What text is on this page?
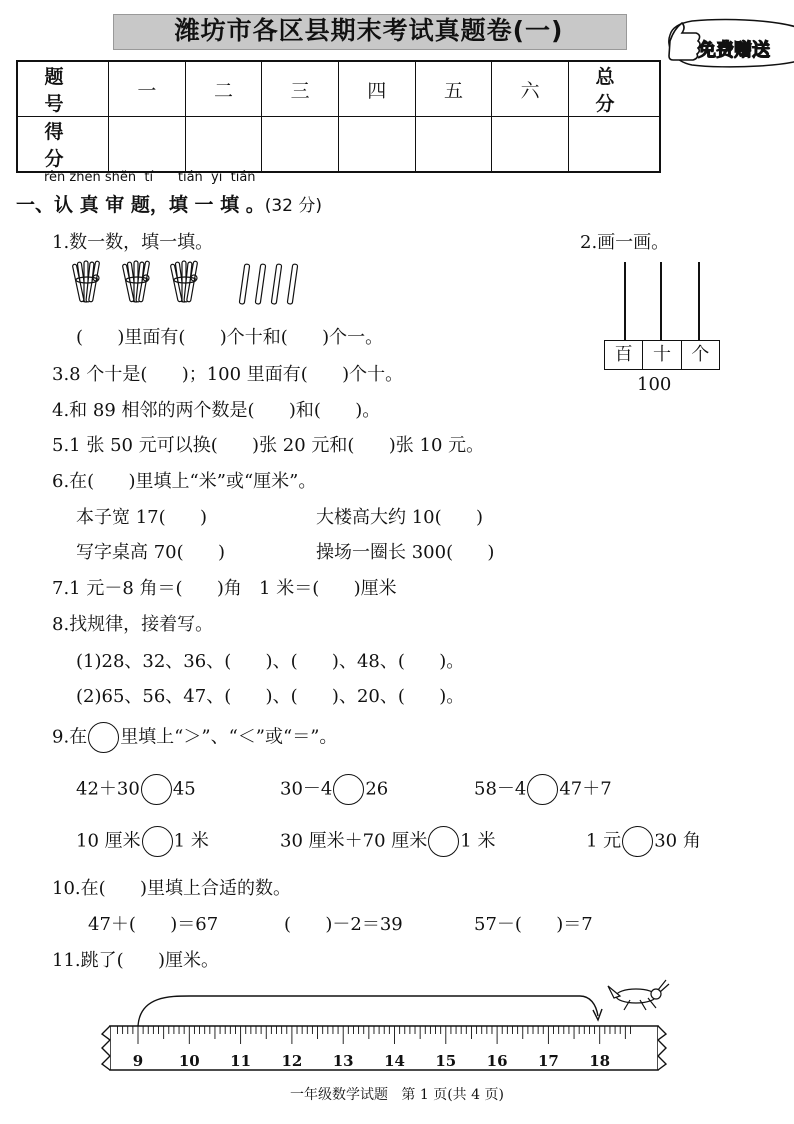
潍坊市各区县期末考试真题卷(一)
免费赠送
题 号	一	二	三	四	五	六	总 分
得 分							
rèn zhēn shěn  tí      tián  yi  tián
一、认 真 审 题，填 一 填 。(32 分)
1.数一数，填一填。
(      )里面有(      )个十和(      )个一。
2.画一画。
百	十	个
100
3.8 个十是(      )；100 里面有(      )个十。
4.和 89 相邻的两个数是(      )和(      )。
5.1 张 50 元可以换(      )张 20 元和(      )张 10 元。
6.在(      )里填上“米”或“厘米”。
本子宽 17(      )	大楼高大约 10(      )
写字桌高 70(      )	操场一圈长 300(      )
7.1 元－8 角＝(      )角   1 米＝(      )厘米
8.找规律，接着写。
(1)28、32、36、(      )、(      )、48、(      )。
(2)65、56、47、(      )、(      )、20、(      )。
9.在 里填上“＞”、“＜”或“＝”。
42＋30 45	30－4 26	58－4 47＋7
10 厘米 1 米	30 厘米＋70 厘米 1 米	1 元 30 角
10.在(      )里填上合适的数。
47＋(      )＝67	(      )－2＝39	57－(      )＝7
11.跳了(      )厘米。
9 10 11 12 13 14 15 16 17 18
一年级数学试题   第 1 页(共 4 页)
